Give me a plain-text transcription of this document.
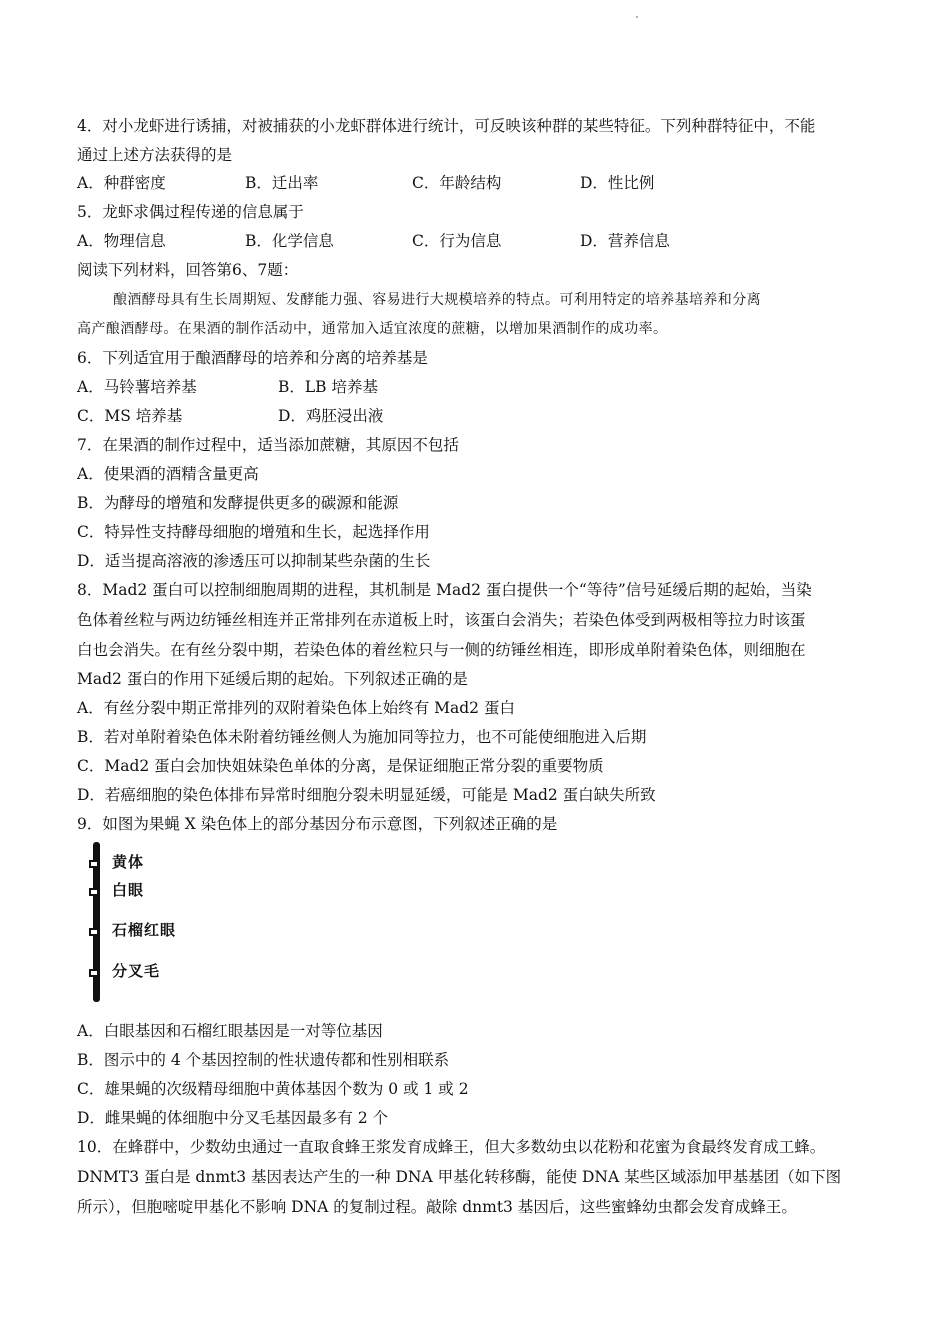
4．对小龙虾进行诱捕，对被捕获的小龙虾群体进行统计，可反映该种群的某些特征。下列种群特征中，不能
通过上述方法获得的是
A．种群密度	B．迁出率	C．年龄结构	D．性比例
5．龙虾求偶过程传递的信息属于
A．物理信息	B．化学信息	C．行为信息	D．营养信息
阅读下列材料，回答第6、7题：
酿酒酵母具有生长周期短、发酵能力强、容易进行大规模培养的特点。可利用特定的培养基培养和分离
高产酿酒酵母。在果酒的制作活动中，通常加入适宜浓度的蔗糖，以增加果酒制作的成功率。
6．下列适宜用于酿酒酵母的培养和分离的培养基是
A．马铃薯培养基	B．LB 培养基
C．MS 培养基	D．鸡胚浸出液
7．在果酒的制作过程中，适当添加蔗糖，其原因不包括
A．使果酒的酒精含量更高
B．为酵母的增殖和发酵提供更多的碳源和能源
C．特异性支持酵母细胞的增殖和生长，起选择作用
D．适当提高溶液的渗透压可以抑制某些杂菌的生长
8．Mad2 蛋白可以控制细胞周期的进程，其机制是 Mad2 蛋白提供一个“等待”信号延缓后期的起始，当染
色体着丝粒与两边纺锤丝相连并正常排列在赤道板上时，该蛋白会消失；若染色体受到两极相等拉力时该蛋
白也会消失。在有丝分裂中期，若染色体的着丝粒只与一侧的纺锤丝相连，即形成单附着染色体，则细胞在
Mad2 蛋白的作用下延缓后期的起始。下列叙述正确的是
A．有丝分裂中期正常排列的双附着染色体上始终有 Mad2 蛋白
B．若对单附着染色体未附着纺锤丝侧人为施加同等拉力，也不可能使细胞进入后期
C．Mad2 蛋白会加快姐妹染色单体的分离，是保证细胞正常分裂的重要物质
D．若癌细胞的染色体排布异常时细胞分裂未明显延缓，可能是 Mad2 蛋白缺失所致
9．如图为果蝇 X 染色体上的部分基因分布示意图，下列叙述正确的是
黄体
白眼
石榴红眼
分叉毛
A．白眼基因和石榴红眼基因是一对等位基因
B．图示中的 4 个基因控制的性状遗传都和性别相联系
C．雄果蝇的次级精母细胞中黄体基因个数为 0 或 1 或 2
D．雌果蝇的体细胞中分叉毛基因最多有 2 个
10．在蜂群中，少数幼虫通过一直取食蜂王浆发育成蜂王，但大多数幼虫以花粉和花蜜为食最终发育成工蜂。
DNMT3 蛋白是 dnmt3 基因表达产生的一种 DNA 甲基化转移酶，能使 DNA 某些区域添加甲基基团（如下图
所示），但胞嘧啶甲基化不影响 DNA 的复制过程。敲除 dnmt3 基因后，这些蜜蜂幼虫都会发育成蜂王。
